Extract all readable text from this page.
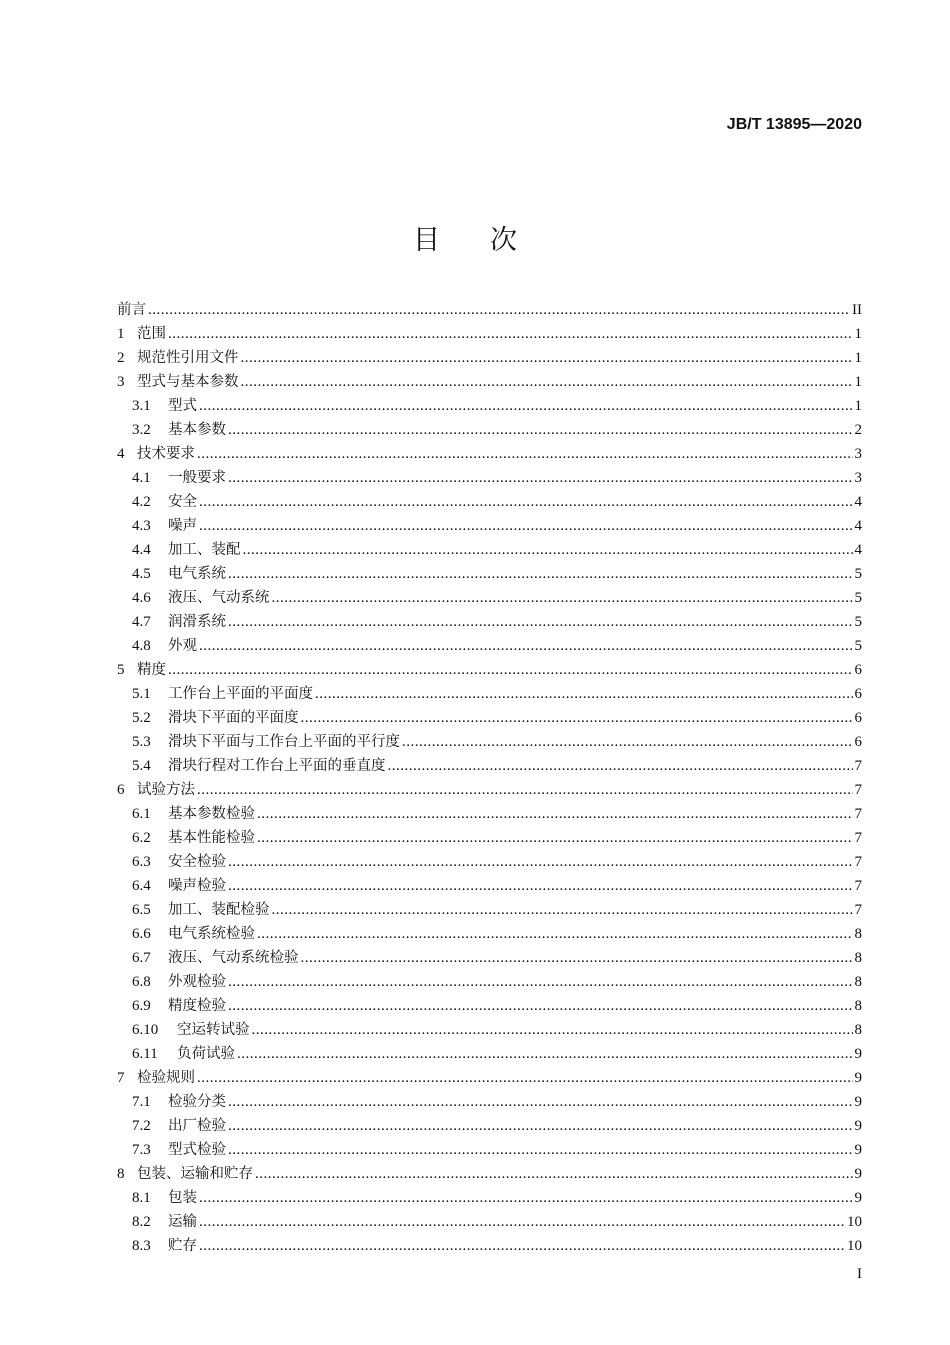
JB/T 13895—2020
目次
前言 .....	II
1 范围 .....	1
2 规范性引用文件 .....	1
3 型式与基本参数 .....	1
3.1	型式 .....	1
3.2	基本参数 .....	2
4 技术要求 .....	3
4.1	一般要求 .....	3
4.2	安全 .....	4
4.3	噪声 .....	4
4.4	加工、装配 .....	4
4.5	电气系统 .....	5
4.6	液压、气动系统 .....	5
4.7	润滑系统 .....	5
4.8	外观 .....	5
5 精度 .....	6
5.1	工作台上平面的平面度 .....	6
5.2	滑块下平面的平面度 .....	6
5.3	滑块下平面与工作台上平面的平行度 .....	6
5.4	滑块行程对工作台上平面的垂直度 .....	7
6 试验方法 .....	7
6.1	基本参数检验 .....	7
6.2	基本性能检验 .....	7
6.3	安全检验 .....	7
6.4	噪声检验 .....	7
6.5	加工、装配检验 .....	7
6.6	电气系统检验 .....	8
6.7	液压、气动系统检验 .....	8
6.8	外观检验 .....	8
6.9	精度检验 .....	8
6.10	空运转试验 .....	8
6.11	负荷试验 .....	9
7 检验规则 .....	9
7.1	检验分类 .....	9
7.2	出厂检验 .....	9
7.3	型式检验 .....	9
8 包装、运输和贮存 .....	9
8.1	包装 .....	9
8.2	运输 .....	10
8.3	贮存 .....	10
I
